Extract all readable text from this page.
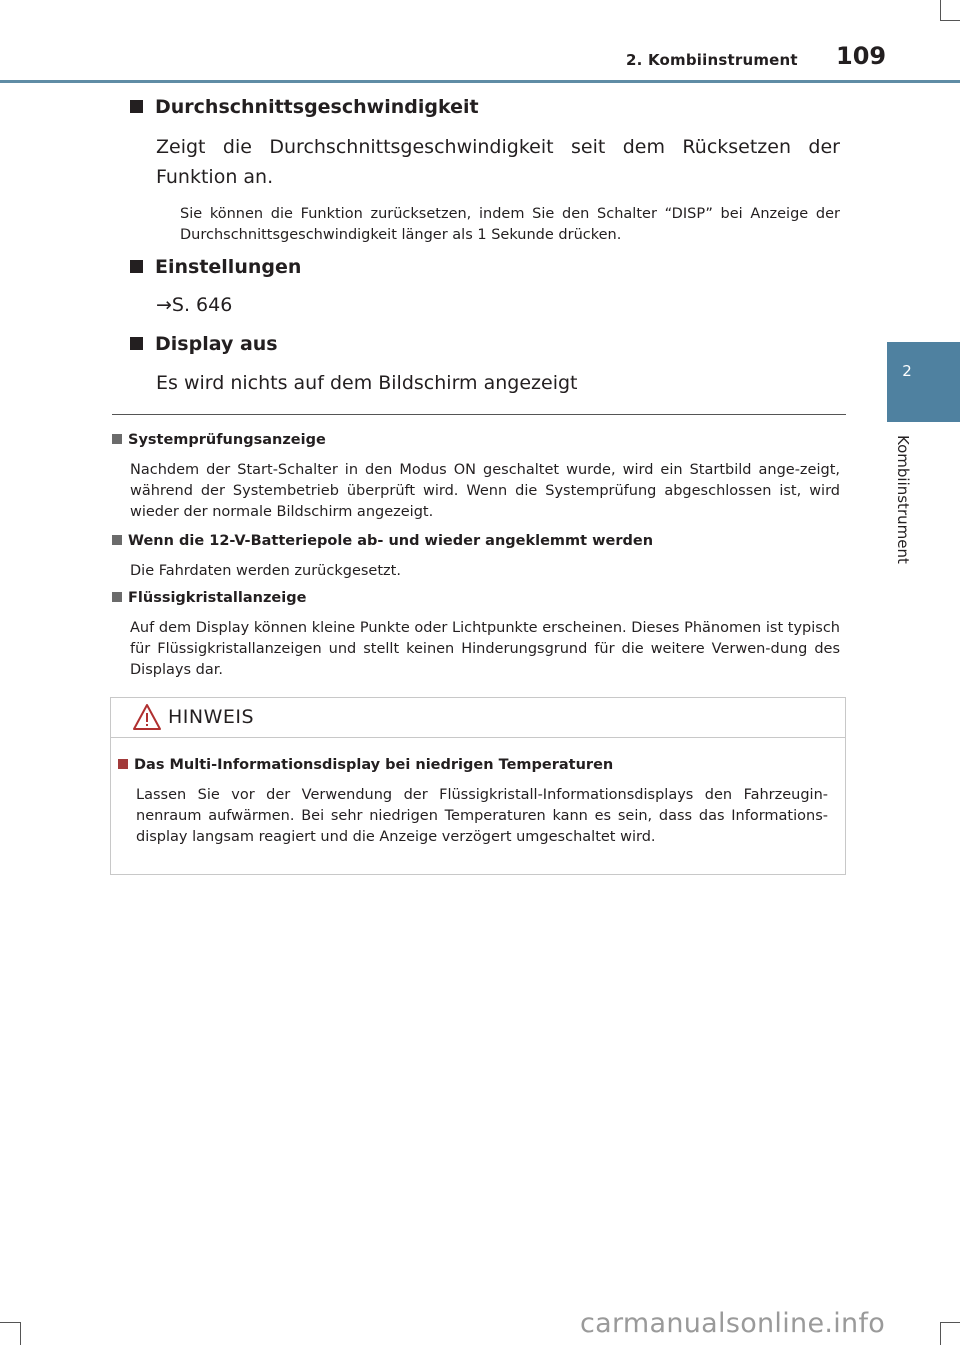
2. Kombiinstrument 109
2
Kombiinstrument
Durchschnittsgeschwindigkeit
Zeigt die Durchschnittsgeschwindigkeit seit dem Rücksetzen der Funktion an.
Sie können die Funktion zurücksetzen, indem Sie den Schalter “DISP” bei Anzeige der Durchschnittsgeschwindigkeit länger als 1 Sekunde drücken.
Einstellungen
→S. 646
Display aus
Es wird nichts auf dem Bildschirm angezeigt
Systemprüfungsanzeige
Nachdem der Start-Schalter in den Modus ON geschaltet wurde, wird ein Startbild ange-zeigt, während der Systembetrieb überprüft wird. Wenn die Systemprüfung abgeschlossen ist, wird wieder der normale Bildschirm angezeigt.
Wenn die 12-V-Batteriepole ab- und wieder angeklemmt werden
Die Fahrdaten werden zurückgesetzt.
Flüssigkristallanzeige
Auf dem Display können kleine Punkte oder Lichtpunkte erscheinen. Dieses Phänomen ist typisch für Flüssigkristallanzeigen und stellt keinen Hinderungsgrund für die weitere Verwen-dung des Displays dar.
HINWEIS
Das Multi-Informationsdisplay bei niedrigen Temperaturen
Lassen Sie vor der Verwendung der Flüssigkristall-Informationsdisplays den Fahrzeugin-nenraum aufwärmen. Bei sehr niedrigen Temperaturen kann es sein, dass das Informations-display langsam reagiert und die Anzeige verzögert umgeschaltet wird.
carmanualsonline.info
